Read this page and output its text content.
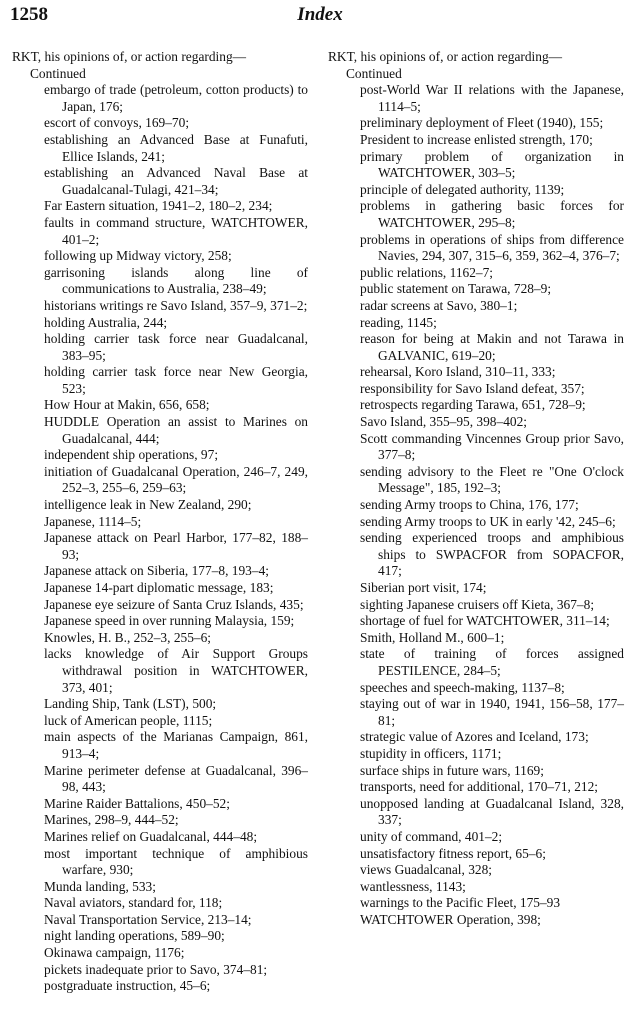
1258	Index
RKT, his opinions of, or action regarding—
Continued
embargo of trade (petroleum, cotton products) to Japan, 176;
escort of convoys, 169–70;
establishing an Advanced Base at Funafuti, Ellice Islands, 241;
establishing an Advanced Naval Base at Guadalcanal-Tulagi, 421–34;
Far Eastern situation, 1941–2, 180–2, 234;
faults in command structure, WATCHTOWER, 401–2;
following up Midway victory, 258;
garrisoning islands along line of communications to Australia, 238–49;
historians writings re Savo Island, 357–9, 371–2;
holding Australia, 244;
holding carrier task force near Guadalcanal, 383–95;
holding carrier task force near New Georgia, 523;
How Hour at Makin, 656, 658;
HUDDLE Operation an assist to Marines on Guadalcanal, 444;
independent ship operations, 97;
initiation of Guadalcanal Operation, 246–7, 249, 252–3, 255–6, 259–63;
intelligence leak in New Zealand, 290;
Japanese, 1114–5;
Japanese attack on Pearl Harbor, 177–82, 188–93;
Japanese attack on Siberia, 177–8, 193–4;
Japanese 14-part diplomatic message, 183;
Japanese eye seizure of Santa Cruz Islands, 435;
Japanese speed in over running Malaysia, 159;
Knowles, H. B., 252–3, 255–6;
lacks knowledge of Air Support Groups withdrawal position in WATCHTOWER, 373, 401;
Landing Ship, Tank (LST), 500;
luck of American people, 1115;
main aspects of the Marianas Campaign, 861, 913–4;
Marine perimeter defense at Guadalcanal, 396–98, 443;
Marine Raider Battalions, 450–52;
Marines, 298–9, 444–52;
Marines relief on Guadalcanal, 444–48;
most important technique of amphibious warfare, 930;
Munda landing, 533;
Naval aviators, standard for, 118;
Naval Transportation Service, 213–14;
night landing operations, 589–90;
Okinawa campaign, 1176;
pickets inadequate prior to Savo, 374–81;
postgraduate instruction, 45–6;
RKT, his opinions of, or action regarding—
Continued
post-World War II relations with the Japanese, 1114–5;
preliminary deployment of Fleet (1940), 155;
President to increase enlisted strength, 170;
primary problem of organization in WATCHTOWER, 303–5;
principle of delegated authority, 1139;
problems in gathering basic forces for WATCHTOWER, 295–8;
problems in operations of ships from difference Navies, 294, 307, 315–6, 359, 362–4, 376–7;
public relations, 1162–7;
public statement on Tarawa, 728–9;
radar screens at Savo, 380–1;
reading, 1145;
reason for being at Makin and not Tarawa in GALVANIC, 619–20;
rehearsal, Koro Island, 310–11, 333;
responsibility for Savo Island defeat, 357;
retrospects regarding Tarawa, 651, 728–9;
Savo Island, 355–95, 398–402;
Scott commanding Vincennes Group prior Savo, 377–8;
sending advisory to the Fleet re "One O'clock Message", 185, 192–3;
sending Army troops to China, 176, 177;
sending Army troops to UK in early '42, 245–6;
sending experienced troops and amphibious ships to SWPACFOR from SOPACFOR, 417;
Siberian port visit, 174;
sighting Japanese cruisers off Kieta, 367–8;
shortage of fuel for WATCHTOWER, 311–14;
Smith, Holland M., 600–1;
state of training of forces assigned PESTILENCE, 284–5;
speeches and speech-making, 1137–8;
staying out of war in 1940, 1941, 156–58, 177–81;
strategic value of Azores and Iceland, 173;
stupidity in officers, 1171;
surface ships in future wars, 1169;
transports, need for additional, 170–71, 212;
unopposed landing at Guadalcanal Island, 328, 337;
unity of command, 401–2;
unsatisfactory fitness report, 65–6;
views Guadalcanal, 328;
wantlessness, 1143;
warnings to the Pacific Fleet, 175–93
WATCHTOWER Operation, 398;
